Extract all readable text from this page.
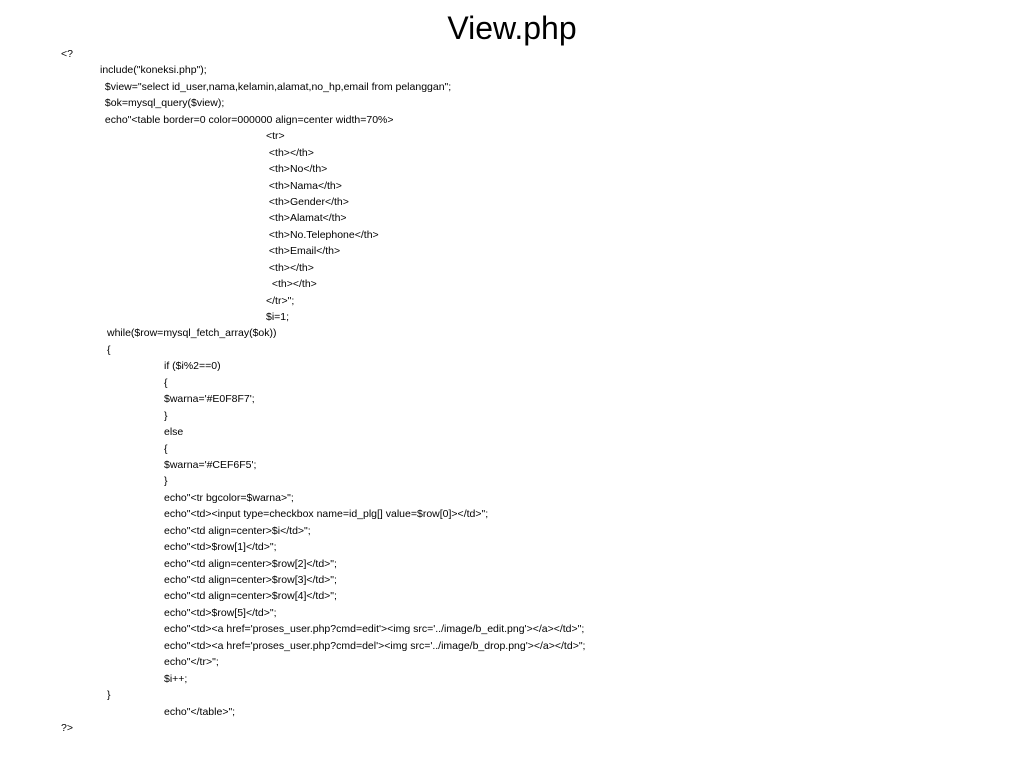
View.php
<?
include("koneksi.php");
$view="select id_user,nama,kelamin,alamat,no_hp,email from pelanggan";
$ok=mysql_query($view);
echo"<table border=0 color=000000 align=center width=70%>
<tr>
<th></th>
<th>No</th>
<th>Nama</th>
<th>Gender</th>
<th>Alamat</th>
<th>No.Telephone</th>
<th>Email</th>
<th></th>
<th></th>
</tr>";
$i=1;
while($row=mysql_fetch_array($ok))
{
if ($i%2==0)
{
$warna='#E0F8F7';
}
else
{
$warna='#CEF6F5';
}
echo"<tr bgcolor=$warna>";
echo"<td><input type=checkbox name=id_plg[] value=$row[0]></td>";
echo"<td align=center>$i</td>";
echo"<td>$row[1]</td>";
echo"<td align=center>$row[2]</td>";
echo"<td align=center>$row[3]</td>";
echo"<td align=center>$row[4]</td>";
echo"<td>$row[5]</td>";
echo"<td><a href='proses_user.php?cmd=edit'><img src='../image/b_edit.png'></a></td>";
echo"<td><a href='proses_user.php?cmd=del'><img src='../image/b_drop.png'></a></td>";
echo"</tr>";
$i++;
}
echo"</table>";
?>
